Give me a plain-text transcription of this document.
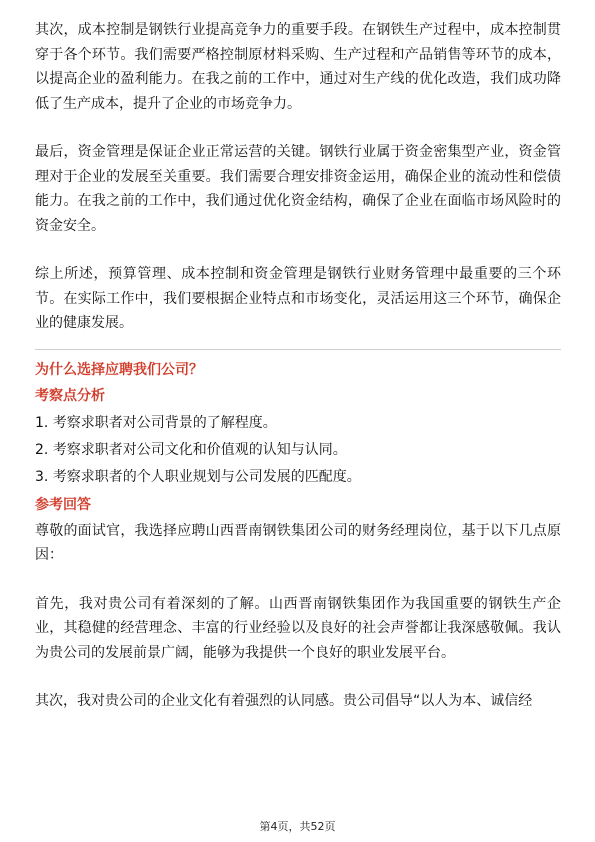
其次，成本控制是钢铁行业提高竞争力的重要手段。在钢铁生产过程中，成本控制贯穿于各个环节。我们需要严格控制原材料采购、生产过程和产品销售等环节的成本，以提高企业的盈利能力。在我之前的工作中，通过对生产线的优化改造，我们成功降低了生产成本，提升了企业的市场竞争力。

最后，资金管理是保证企业正常运营的关键。钢铁行业属于资金密集型产业，资金管理对于企业的发展至关重要。我们需要合理安排资金运用，确保企业的流动性和偿债能力。在我之前的工作中，我们通过优化资金结构，确保了企业在面临市场风险时的资金安全。

综上所述，预算管理、成本控制和资金管理是钢铁行业财务管理中最重要的三个环节。在实际工作中，我们要根据企业特点和市场变化，灵活运用这三个环节，确保企业的健康发展。

为什么选择应聘我们公司？

考察点分析

1. 考察求职者对公司背景的了解程度。
2. 考察求职者对公司文化和价值观的认知与认同。
3. 考察求职者的个人职业规划与公司发展的匹配度。

参考回答

尊敬的面试官，我选择应聘山西晋南钢铁集团公司的财务经理岗位，基于以下几点原因：

首先，我对贵公司有着深刻的了解。山西晋南钢铁集团作为我国重要的钢铁生产企业，其稳健的经营理念、丰富的行业经验以及良好的社会声誉都让我深感敬佩。我认为贵公司的发展前景广阔，能够为我提供一个良好的职业发展平台。

其次，我对贵公司的企业文化有着强烈的认同感。贵公司倡导“以人为本、诚信经

第4页，共52页
